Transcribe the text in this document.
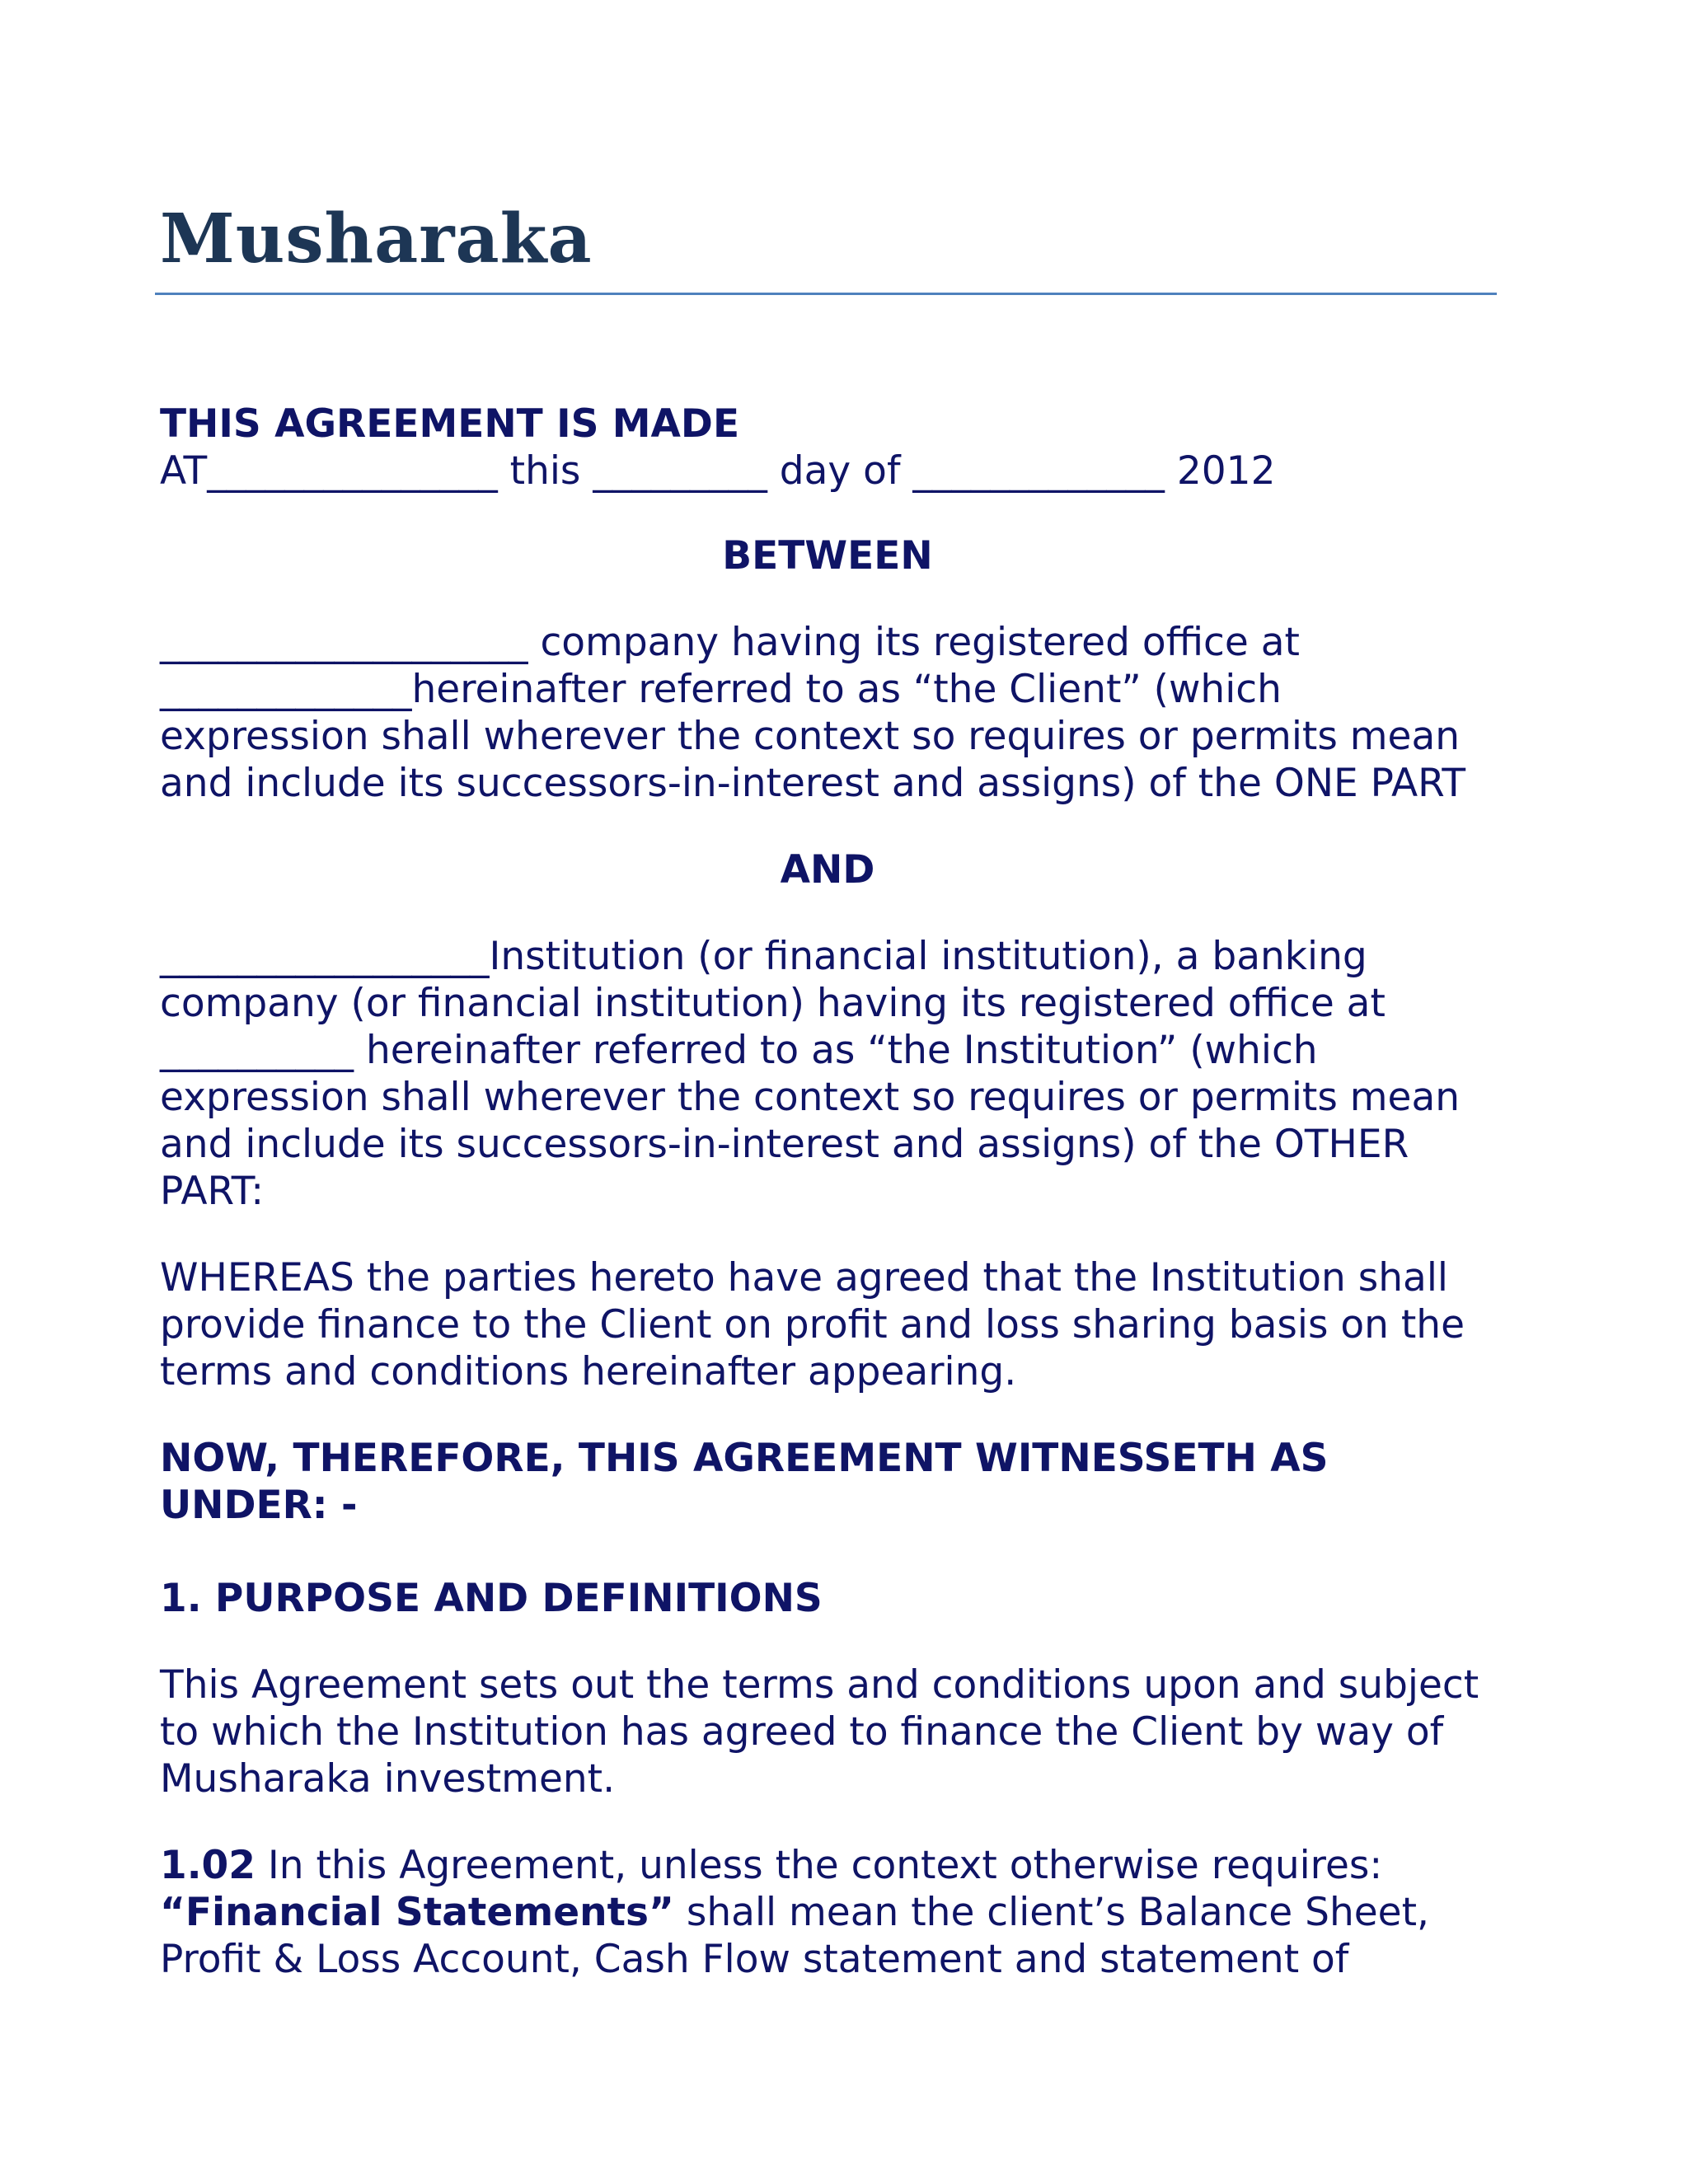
Musharaka

THIS AGREEMENT IS MADE

AT_______________ this _________ day of _____________ 2012

BETWEEN

___________________ company having its registered office at _____________hereinafter referred to as “the Client” (which expression shall wherever the context so requires or permits mean and include its successors-in-interest and assigns) of the ONE PART

AND

_________________Institution (or financial institution), a banking company (or financial institution) having its registered office at __________ hereinafter referred to as “the Institution” (which expression shall wherever the context so requires or permits mean and include its successors-in-interest and assigns) of the OTHER PART:

WHEREAS the parties hereto have agreed that the Institution shall provide finance to the Client on profit and loss sharing basis on the terms and conditions hereinafter appearing.

NOW, THEREFORE, THIS AGREEMENT WITNESSETH AS UNDER: -

1. PURPOSE AND DEFINITIONS

This Agreement sets out the terms and conditions upon and subject to which the Institution has agreed to finance the Client by way of Musharaka investment.

1.02 In this Agreement, unless the context otherwise requires:
“Financial Statements” shall mean the client’s Balance Sheet, Profit & Loss Account, Cash Flow statement and statement of
